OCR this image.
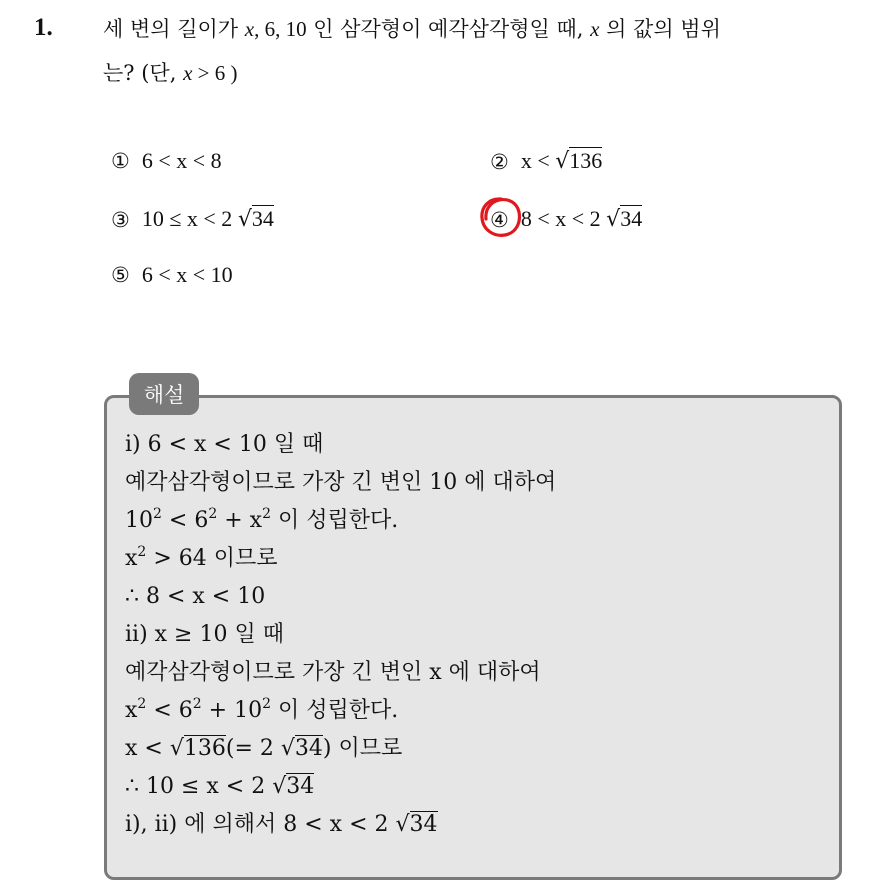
1. 세 변의 길이가 x, 6, 10 인 삼각형이 예각삼각형일 때, x 의 값의 범위
는? (단, x > 6 )
① 6 < x < 8	② x < √136
③ 10 ≤ x < 2 √34	④ 8 < x < 2 √34
⑤ 6 < x < 10
해설
i) 6 < x < 10 일 때
예각삼각형이므로 가장 긴 변인 10 에 대하여
$10^2 < 6^2 + x^2$ 이 성립한다.
$x^2 > 64$ 이므로
∴ 8 < x < 10
ii) x ≥ 10 일 때
예각삼각형이므로 가장 긴 변인 x 에 대하여
$x^2 < 6^2 + 10^2$ 이 성립한다.
x < √136(= 2 √34) 이므로
∴ 10 ≤ x < 2 √34
i), ii) 에 의해서 8 < x < 2 √34
